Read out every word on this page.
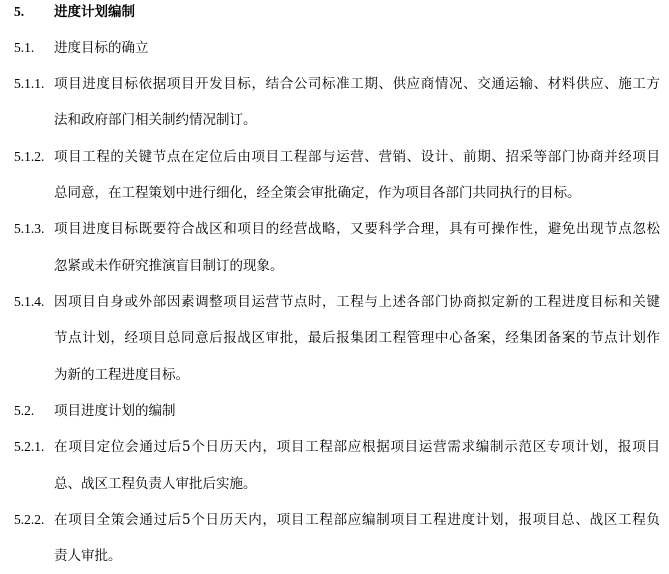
5. 进度计划编制
5.1. 进度目标的确立
5.1.1. 项目进度目标依据项目开发目标，结合公司标准工期、供应商情况、交通运输、材料供应、施工方
法和政府部门相关制约情况制订。
5.1.2. 项目工程的关键节点在定位后由项目工程部与运营、营销、设计、前期、招采等部门协商并经项目
总同意，在工程策划中进行细化，经全策会审批确定，作为项目各部门共同执行的目标。
5.1.3. 项目进度目标既要符合战区和项目的经营战略，又要科学合理，具有可操作性，避免出现节点忽松
忽紧或未作研究推演盲目制订的现象。
5.1.4. 因项目自身或外部因素调整项目运营节点时，工程与上述各部门协商拟定新的工程进度目标和关键
节点计划，经项目总同意后报战区审批，最后报集团工程管理中心备案，经集团备案的节点计划作
为新的工程进度目标。
5.2. 项目进度计划的编制
5.2.1. 在项目定位会通过后5个日历天内，项目工程部应根据项目运营需求编制示范区专项计划，报项目
总、战区工程负责人审批后实施。
5.2.2. 在项目全策会通过后5个日历天内，项目工程部应编制项目工程进度计划，报项目总、战区工程负
责人审批。
